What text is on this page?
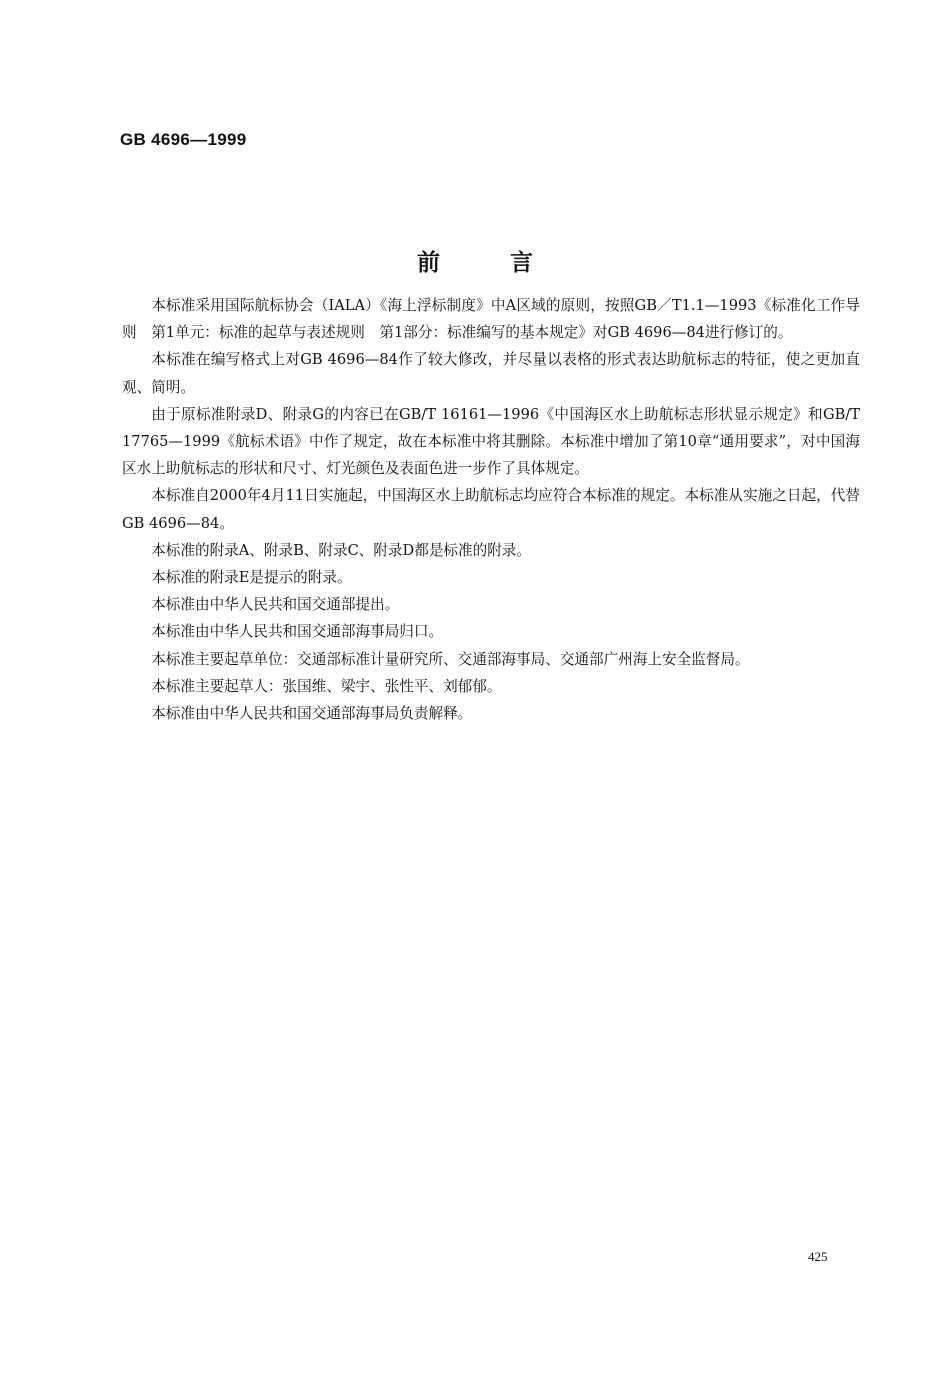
GB 4696—1999
前言

本标准采用国际航标协会（IALA）《海上浮标制度》中A区域的原则，按照GB／T1.1—1993《标准化工作导则　第1单元：标准的起草与表述规则　第1部分：标准编写的基本规定》对GB 4696—84进行修订的。

本标准在编写格式上对GB 4696—84作了较大修改，并尽量以表格的形式表达助航标志的特征，使之更加直观、简明。

由于原标准附录D、附录G的内容已在GB/T 16161—1996《中国海区水上助航标志形状显示规定》和GB/T 17765—1999《航标术语》中作了规定，故在本标准中将其删除。本标准中增加了第10章“通用要求”，对中国海区水上助航标志的形状和尺寸、灯光颜色及表面色进一步作了具体规定。

本标准自2000年4月11日实施起，中国海区水上助航标志均应符合本标准的规定。本标准从实施之日起，代替GB 4696—84。

本标准的附录A、附录B、附录C、附录D都是标准的附录。

本标准的附录E是提示的附录。

本标准由中华人民共和国交通部提出。

本标准由中华人民共和国交通部海事局归口。

本标准主要起草单位：交通部标准计量研究所、交通部海事局、交通部广州海上安全监督局。

本标准主要起草人：张国维、梁宇、张性平、刘郁郁。

本标准由中华人民共和国交通部海事局负责解释。

425
